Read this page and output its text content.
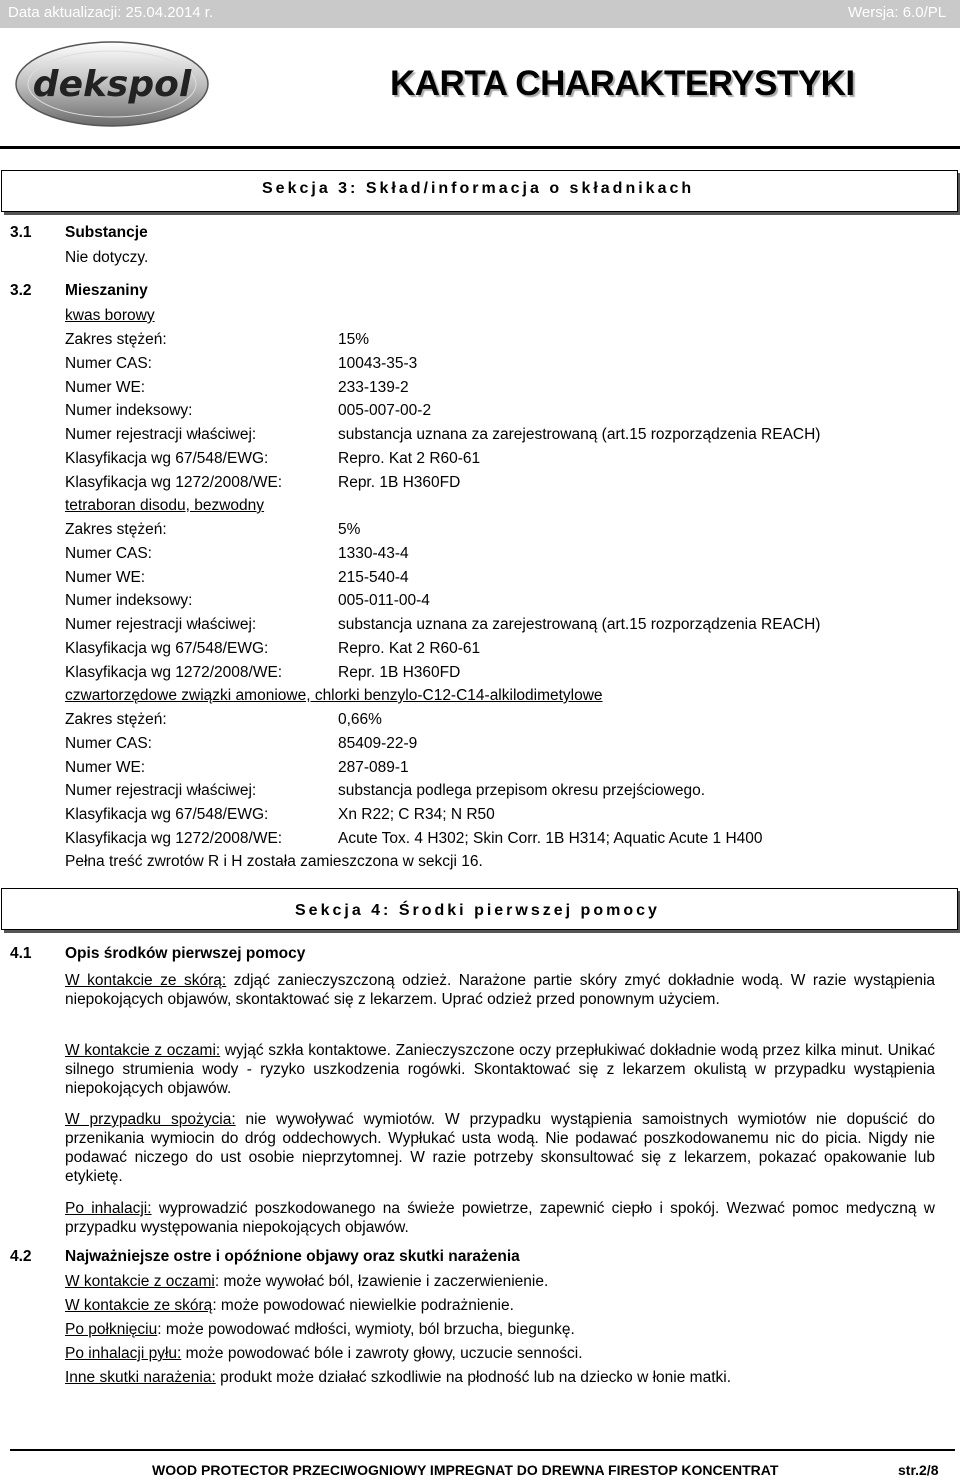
Data aktualizacji: 25.04.2014 r.	Wersja: 6.0/PL
dekspol	KARTA CHARAKTERYSTYKI
Sekcja 3: Skład/informacja o składnikach
3.1 Substancje
Nie dotyczy.
3.2 Mieszaniny
kwas borowy
Zakres stężeń:	15%
Numer CAS:	10043-35-3
Numer WE:	233-139-2
Numer indeksowy:	005-007-00-2
Numer rejestracji właściwej:	substancja uznana za zarejestrowaną (art.15 rozporządzenia REACH)
Klasyfikacja wg 67/548/EWG:	Repro. Kat 2 R60-61
Klasyfikacja wg 1272/2008/WE:	Repr. 1B H360FD
tetraboran disodu, bezwodny
Zakres stężeń:	5%
Numer CAS:	1330-43-4
Numer WE:	215-540-4
Numer indeksowy:	005-011-00-4
Numer rejestracji właściwej:	substancja uznana za zarejestrowaną (art.15 rozporządzenia REACH)
Klasyfikacja wg 67/548/EWG:	Repro. Kat 2 R60-61
Klasyfikacja wg 1272/2008/WE:	Repr. 1B H360FD
czwartorzędowe związki amoniowe, chlorki benzylo-C12-C14-alkilodimetylowe
Zakres stężeń:	0,66%
Numer CAS:	85409-22-9
Numer WE:	287-089-1
Numer rejestracji właściwej:	substancja podlega przepisom okresu przejściowego.
Klasyfikacja wg 67/548/EWG:	Xn R22; C R34; N R50
Klasyfikacja wg 1272/2008/WE:	Acute Tox. 4 H302; Skin Corr. 1B H314; Aquatic Acute 1 H400
Pełna treść zwrotów R i H została zamieszczona w sekcji 16.
Sekcja 4: Środki pierwszej pomocy
4.1 Opis środków pierwszej pomocy
W kontakcie ze skórą: zdjąć zanieczyszczoną odzież. Narażone partie skóry zmyć dokładnie wodą. W razie wystąpienia niepokojących objawów, skontaktować się z lekarzem. Uprać odzież przed ponownym użyciem.
W kontakcie z oczami: wyjąć szkła kontaktowe. Zanieczyszczone oczy przepłukiwać dokładnie wodą przez kilka minut. Unikać silnego strumienia wody - ryzyko uszkodzenia rogówki. Skontaktować się z lekarzem okulistą w przypadku wystąpienia niepokojących objawów.
W przypadku spożycia: nie wywoływać wymiotów. W przypadku wystąpienia samoistnych wymiotów nie dopuścić do przenikania wymiocin do dróg oddechowych. Wypłukać usta wodą. Nie podawać poszkodowanemu nic do picia. Nigdy nie podawać niczego do ust osobie nieprzytomnej. W razie potrzeby skonsultować się z lekarzem, pokazać opakowanie lub etykietę.
Po inhalacji: wyprowadzić poszkodowanego na świeże powietrze, zapewnić ciepło i spokój. Wezwać pomoc medyczną w przypadku występowania niepokojących objawów.
4.2 Najważniejsze ostre i opóźnione objawy oraz skutki narażenia
W kontakcie z oczami: może wywołać ból, łzawienie i zaczerwienienie.
W kontakcie ze skórą: może powodować niewielkie podrażnienie.
Po połknięciu: może powodować mdłości, wymioty, ból brzucha, biegunkę.
Po inhalacji pyłu: może powodować bóle i zawroty głowy, uczucie senności.
Inne skutki narażenia: produkt może działać szkodliwie na płodność lub na dziecko w łonie matki.
WOOD PROTECTOR PRZECIWOGNIOWY IMPREGNAT DO DREWNA FIRESTOP KONCENTRAT	str.2/8
